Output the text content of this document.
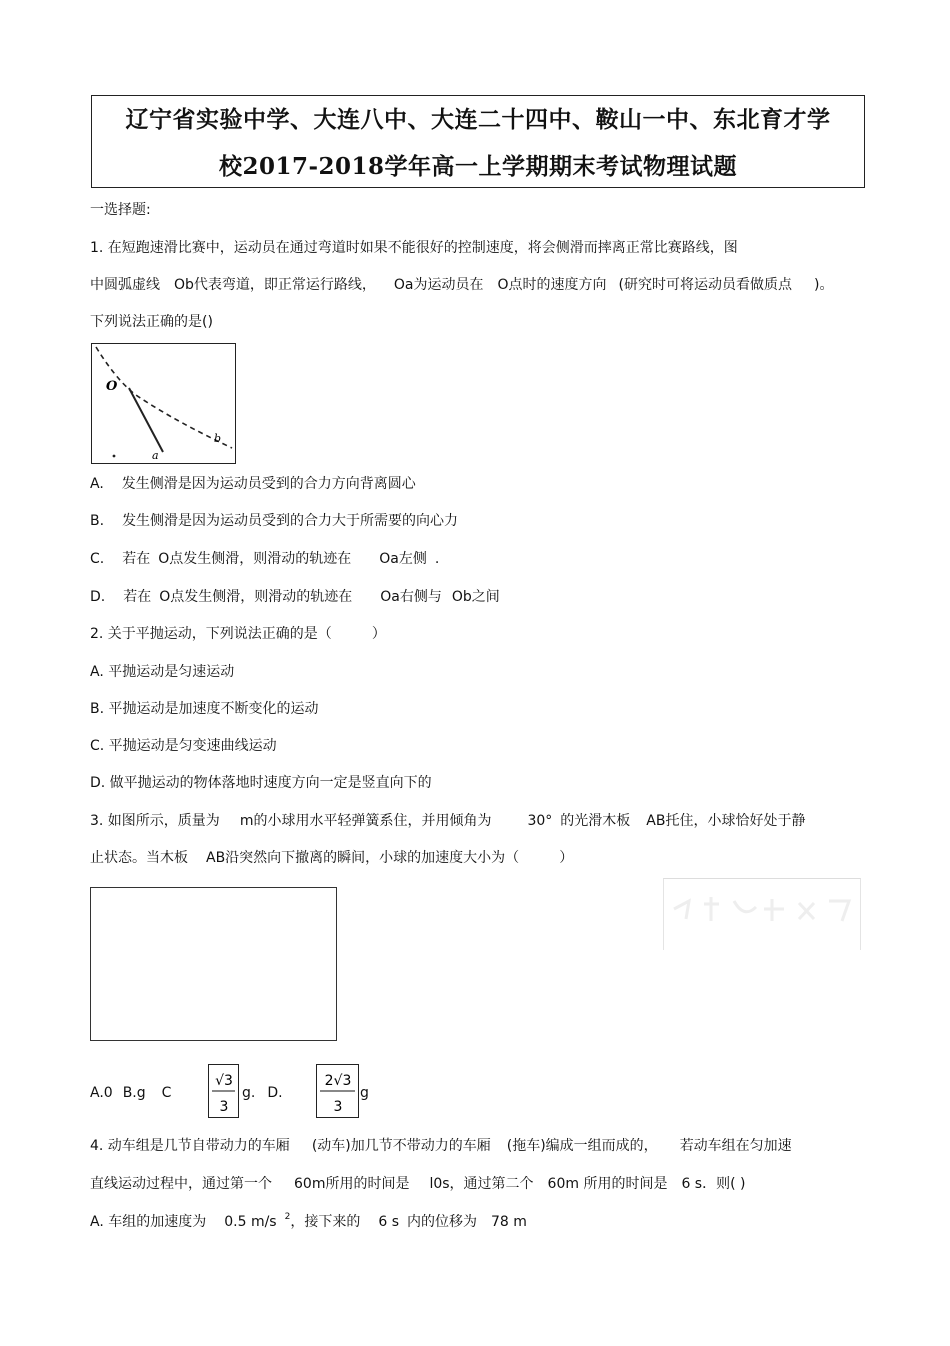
辽宁省实验中学、大连八中、大连二十四中、鞍山一中、东北育才学
校2017-2018学年高一上学期期末考试物理试题
一选择题:
1. 在短跑速滑比赛中，运动员在通过弯道时如果不能很好的控制速度，将会侧滑而摔离正常比赛路线，图
中圆弧虚线 Ob代表弯道，即正常运行路线， Oa为运动员在 O点时的速度方向 (研究时可将运动员看做质点 )。
下列说法正确的是()
O
a
b
A. 发生侧滑是因为运动员受到的合力方向背离圆心
B. 发生侧滑是因为运动员受到的合力大于所需要的向心力
C. 若在 O点发生侧滑，则滑动的轨迹在 Oa左侧 .
D. 若在 O点发生侧滑，则滑动的轨迹在 Oa右侧与 Ob之间
2. 关于平抛运动，下列说法正确的是（	）
A. 平抛运动是匀速运动
B. 平抛运动是加速度不断变化的运动
C. 平抛运动是匀变速曲线运动
D. 做平抛运动的物体落地时速度方向一定是竖直向下的
3. 如图所示，质量为 m的小球用水平轻弹簧系住，并用倾角为	30° 的光滑木板 AB托住，小球恰好处于静
止状态。当木板 AB沿突然向下撤离的瞬间，小球的加速度大小为（	）
A.0 B.g C
√3
3
g. D.
2√3
3
g
4. 动车组是几节自带动力的车厢 (动车)加几节不带动力的车厢 (拖车)编成一组而成的， 若动车组在匀加速
直线运动过程中，通过第一个 60m所用的时间是 l0s，通过第二个 60m 所用的时间是 6 s．则( )
A. 车组的加速度为 0.5 m/s $^2$，接下来的 6 s 内的位移为 78 m
